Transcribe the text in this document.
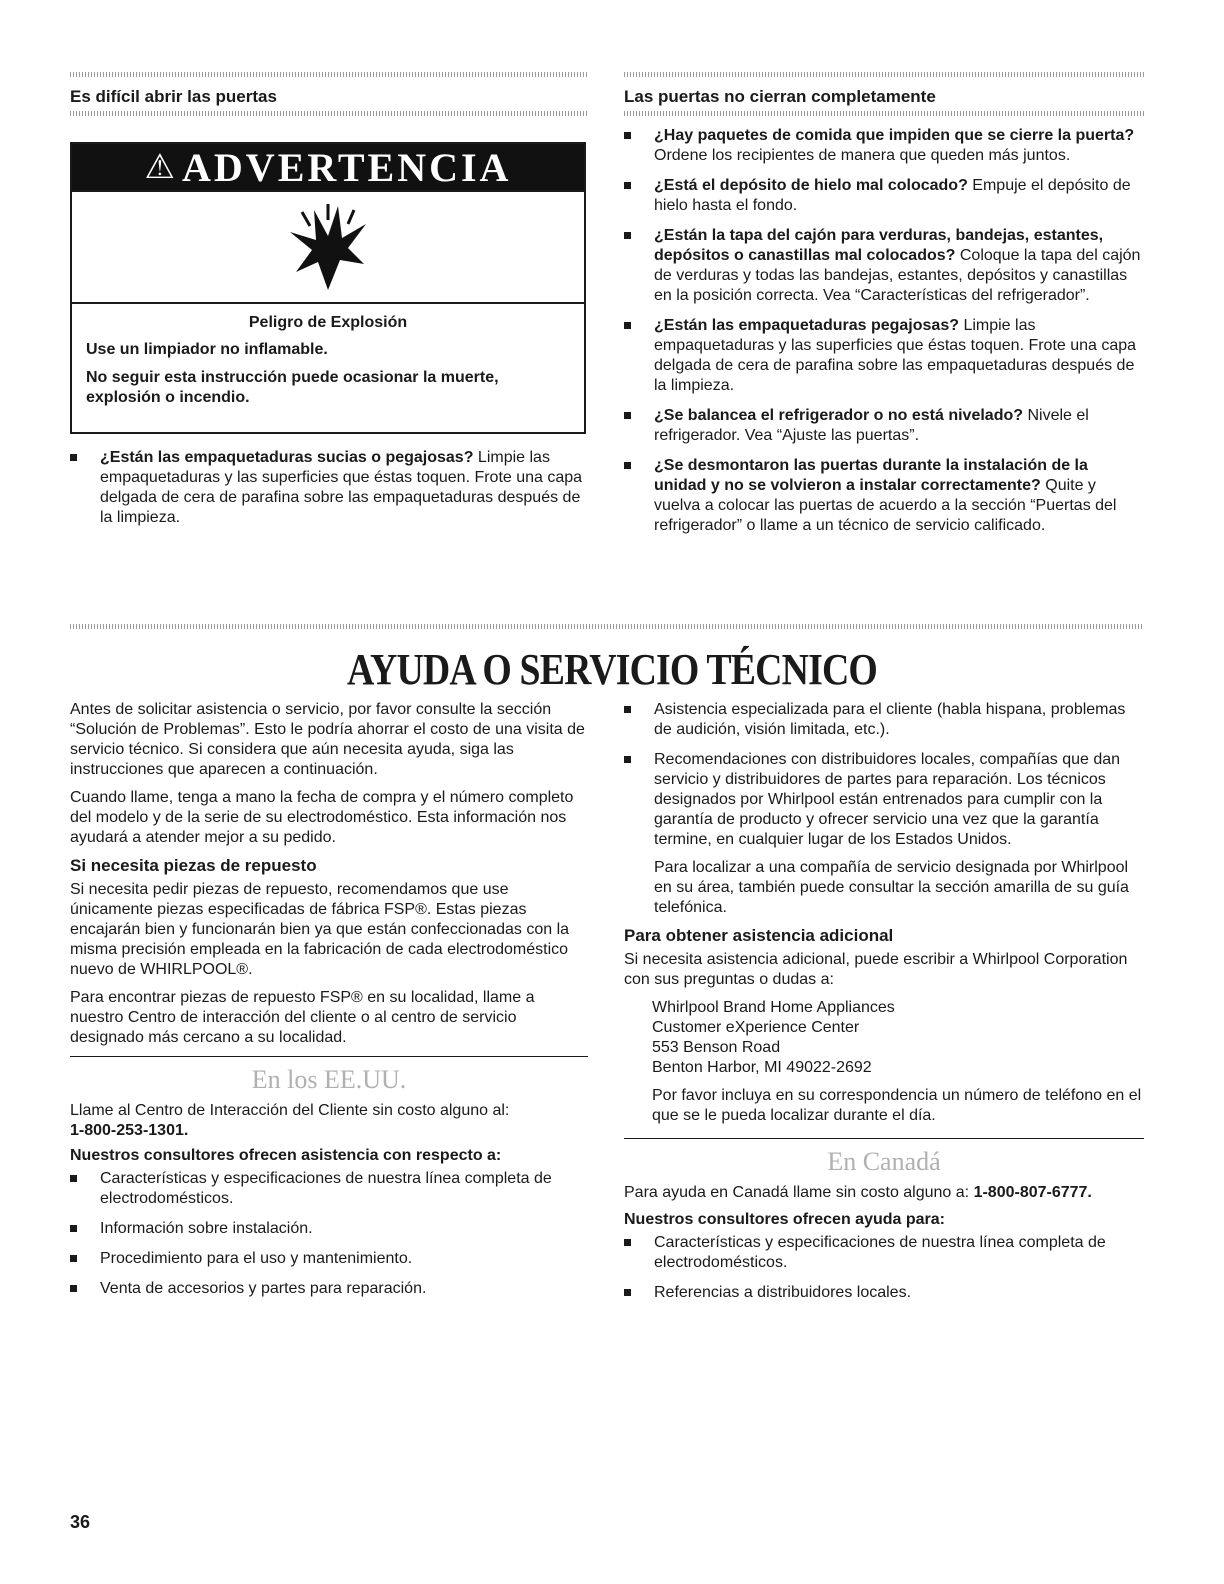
Es difícil abrir las puertas
⚠ ADVERTENCIA
Peligro de Explosión
Use un limpiador no inflamable.
No seguir esta instrucción puede ocasionar la muerte, explosión o incendio.
¿Están las empaquetaduras sucias o pegajosas? Limpie las empaquetaduras y las superficies que éstas toquen. Frote una capa delgada de cera de parafina sobre las empaquetaduras después de la limpieza.
Las puertas no cierran completamente
¿Hay paquetes de comida que impiden que se cierre la puerta? Ordene los recipientes de manera que queden más juntos.
¿Está el depósito de hielo mal colocado? Empuje el depósito de hielo hasta el fondo.
¿Están la tapa del cajón para verduras, bandejas, estantes, depósitos o canastillas mal colocados? Coloque la tapa del cajón de verduras y todas las bandejas, estantes, depósitos y canastillas en la posición correcta. Vea “Características del refrigerador”.
¿Están las empaquetaduras pegajosas? Limpie las empaquetaduras y las superficies que éstas toquen. Frote una capa delgada de cera de parafina sobre las empaquetaduras después de la limpieza.
¿Se balancea el refrigerador o no está nivelado? Nivele el refrigerador. Vea “Ajuste las puertas”.
¿Se desmontaron las puertas durante la instalación de la unidad y no se volvieron a instalar correctamente? Quite y vuelva a colocar las puertas de acuerdo a la sección “Puertas del refrigerador” o llame a un técnico de servicio calificado.
AYUDA O SERVICIO TÉCNICO

Antes de solicitar asistencia o servicio, por favor consulte la sección “Solución de Problemas”. Esto le podría ahorrar el costo de una visita de servicio técnico. Si considera que aún necesita ayuda, siga las instrucciones que aparecen a continuación.

Cuando llame, tenga a mano la fecha de compra y el número completo del modelo y de la serie de su electrodoméstico. Esta información nos ayudará a atender mejor a su pedido.

Si necesita piezas de repuesto

Si necesita pedir piezas de repuesto, recomendamos que use únicamente piezas especificadas de fábrica FSP®. Estas piezas encajarán bien y funcionarán bien ya que están confeccionadas con la misma precisión empleada en la fabricación de cada electrodoméstico nuevo de WHIRLPOOL®.

Para encontrar piezas de repuesto FSP® en su localidad, llame a nuestro Centro de interacción del cliente o al centro de servicio designado más cercano a su localidad.

En los EE.UU.

Llame al Centro de Interacción del Cliente sin costo alguno al:

1-800-253-1301.

Nuestros consultores ofrecen asistencia con respecto a:
Características y especificaciones de nuestra línea completa de electrodomésticos.
Información sobre instalación.
Procedimiento para el uso y mantenimiento.
Venta de accesorios y partes para reparación.
Asistencia especializada para el cliente (habla hispana, problemas de audición, visión limitada, etc.).
Recomendaciones con distribuidores locales, compañías que dan servicio y distribuidores de partes para reparación. Los técnicos designados por Whirlpool están entrenados para cumplir con la garantía de producto y ofrecer servicio una vez que la garantía termine, en cualquier lugar de los Estados Unidos.

Para localizar a una compañía de servicio designada por Whirlpool en su área, también puede consultar la sección amarilla de su guía telefónica.

Para obtener asistencia adicional

Si necesita asistencia adicional, puede escribir a Whirlpool Corporation con sus preguntas o dudas a:

Whirlpool Brand Home Appliances

Customer eXperience Center

553 Benson Road

Benton Harbor, MI 49022-2692

Por favor incluya en su correspondencia un número de teléfono en el que se le pueda localizar durante el día.

En Canadá

Para ayuda en Canadá llame sin costo alguno a: 1-800-807-6777.

Nuestros consultores ofrecen ayuda para:
Características y especificaciones de nuestra línea completa de electrodomésticos.
Referencias a distribuidores locales.
36
